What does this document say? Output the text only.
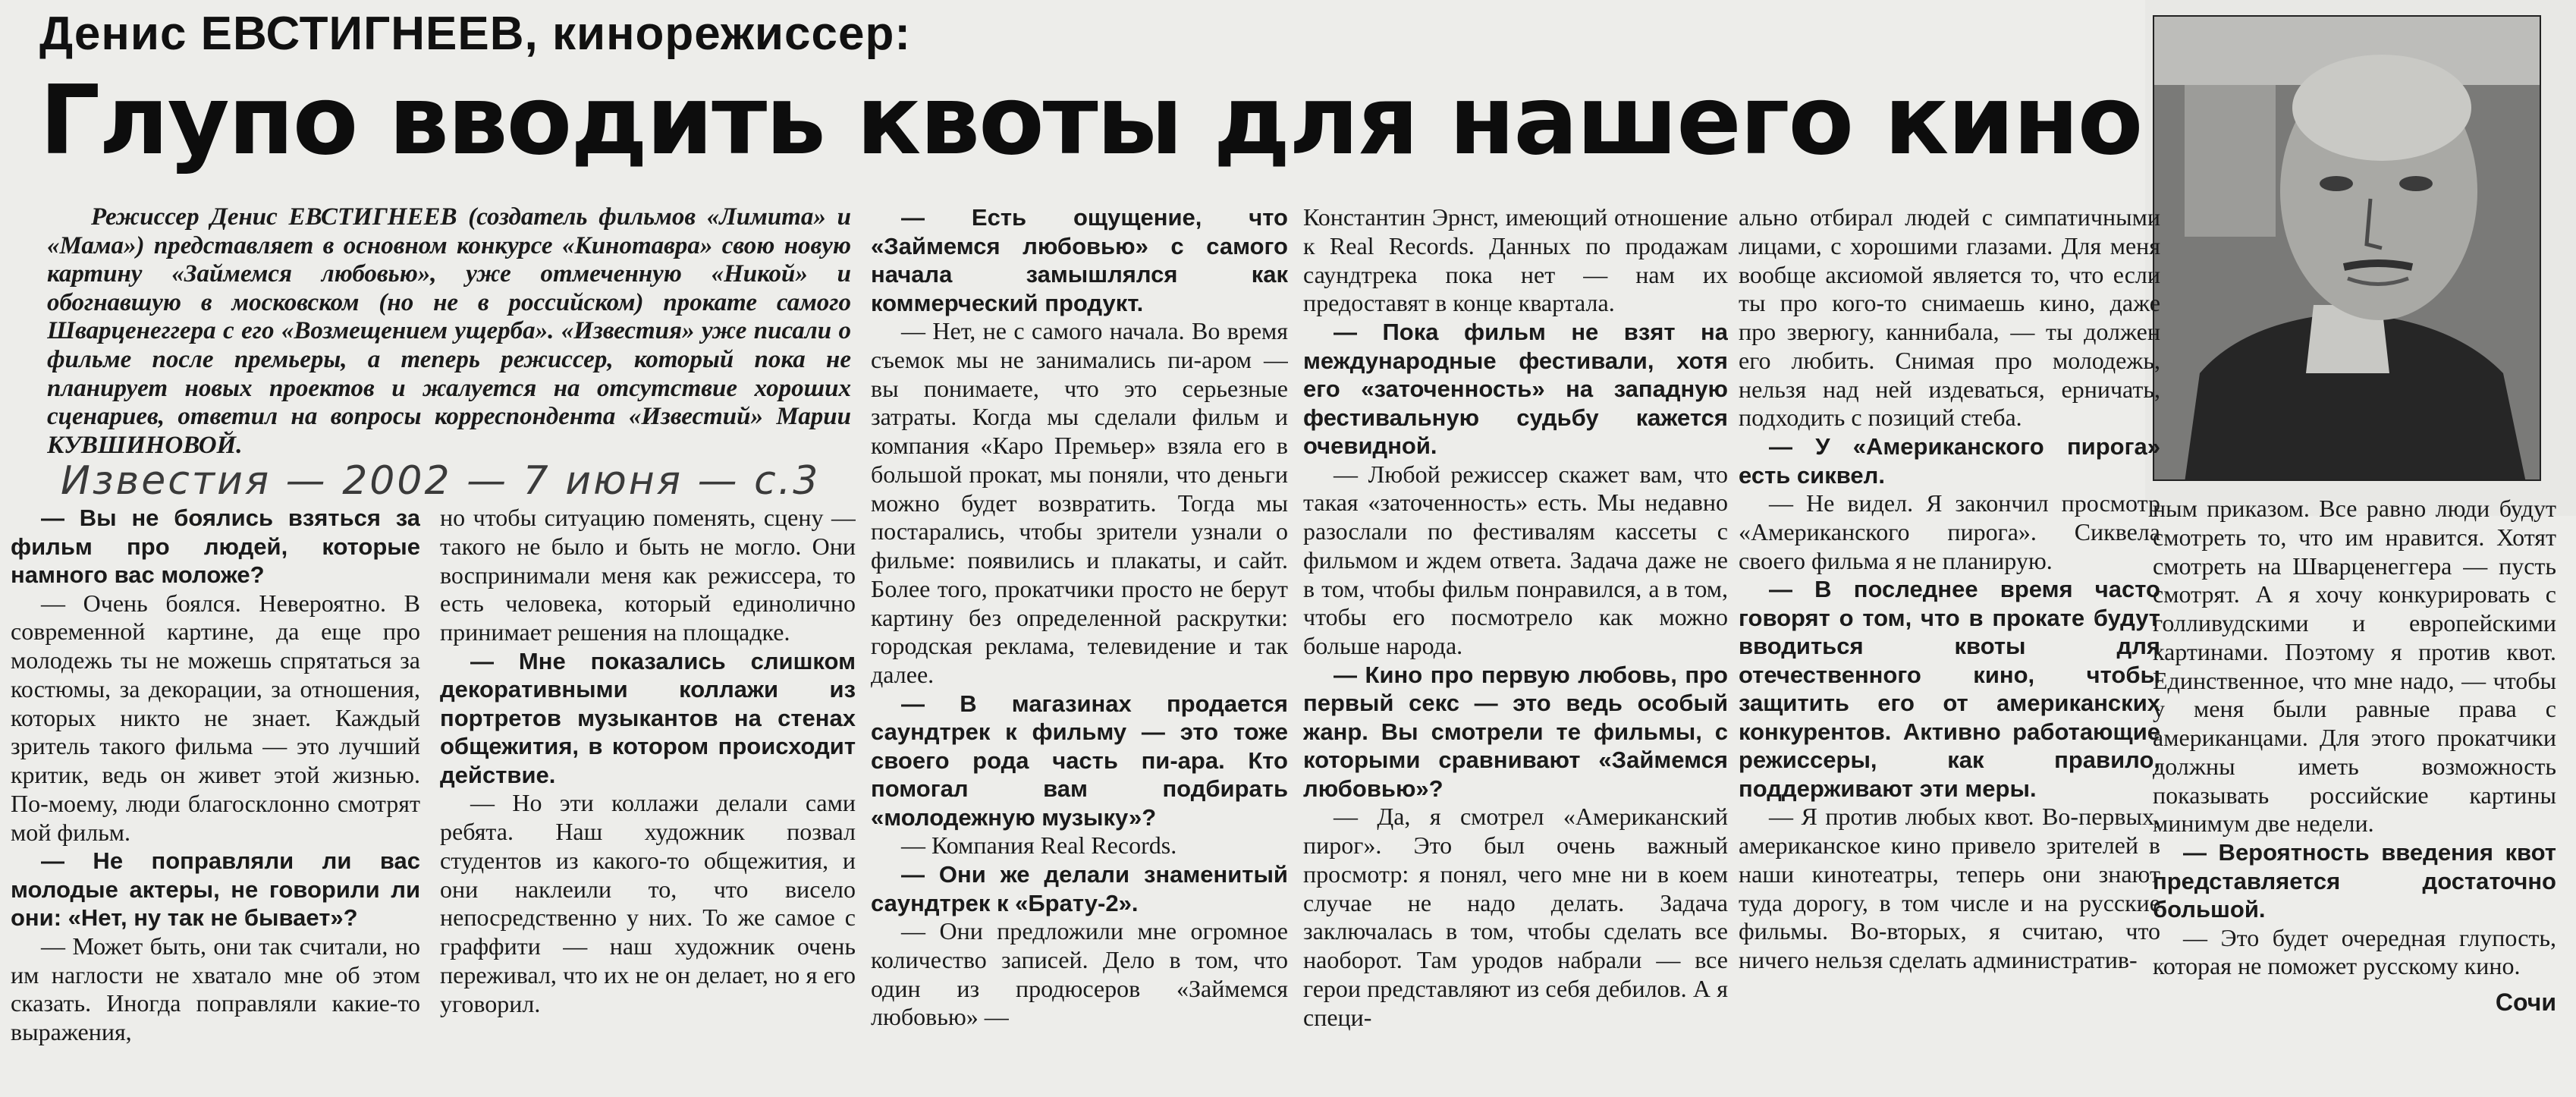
Денис ЕВСТИГНЕЕВ, кинорежиссер:
Глупо вводить квоты для нашего кино

Режиссер Денис ЕВСТИГНЕЕВ (создатель фильмов «Лимита» и «Мама») представляет в основном конкурсе «Кинотавра» свою новую картину «Займемся любовью», уже отмеченную «Никой» и обогнавшую в московском (но не в российском) прокате самого Шварценеггера с его «Возмещением ущерба». «Известия» уже писали о фильме после премьеры, а теперь режиссер, который пока не планирует новых проектов и жалуется на отсутствие хороших сценариев, ответил на вопросы корреспондента «Известий» Марии КУВШИНОВОЙ.

Известия — 2002 — 7 июня — с.3

— Вы не боялись взяться за фильм про людей, которые намного вас моложе?

— Очень боялся. Невероятно. В современной картине, да еще про молодежь ты не можешь спрятаться за костюмы, за декорации, за отношения, которых никто не знает. Каждый зритель такого фильма — это лучший критик, ведь он живет этой жизнью. По-моему, люди благосклонно смотрят мой фильм.

— Не поправляли ли вас молодые актеры, не говорили ли они: «Нет, ну так не бывает»?

— Может быть, они так считали, но им наглости не хватало мне об этом сказать. Иногда поправляли какие-то выражения,

но чтобы ситуацию поменять, сцену — такого не было и быть не могло. Они воспринимали меня как режиссера, то есть человека, который единолично принимает решения на площадке.

— Мне показались слишком декоративными коллажи из портретов музыкантов на стенах общежития, в котором происходит действие.

— Но эти коллажи делали сами ребята. Наш художник позвал студентов из какого-то общежития, и они наклеили то, что висело непосредственно у них. То же самое с граффити — наш художник очень переживал, что их не он делает, но я его уговорил.

— Есть ощущение, что «Займемся любовью» с самого начала замышлялся как коммерческий продукт.

— Нет, не с самого начала. Во время съемок мы не занимались пи-аром — вы понимаете, что это серьезные затраты. Когда мы сделали фильм и компания «Каро Премьер» взяла его в большой прокат, мы поняли, что деньги можно будет возвратить. Тогда мы постарались, чтобы зрители узнали о фильме: появились и плакаты, и сайт. Более того, прокатчики просто не берут картину без определенной раскрутки: городская реклама, телевидение и так далее.

— В магазинах продается саундтрек к фильму — это тоже своего рода часть пи-ара. Кто помогал вам подбирать «молодежную музыку»?

— Компания Real Records.

— Они же делали знаменитый саундтрек к «Брату-2».

— Они предложили мне огромное количество записей. Дело в том, что один из продюсеров «Займемся любовью» —

Константин Эрнст, имеющий отношение к Real Records. Данных по продажам саундтрека пока нет — нам их предоставят в конце квартала.

— Пока фильм не взят на международные фестивали, хотя его «заточенность» на западную фестивальную судьбу кажется очевидной.

— Любой режиссер скажет вам, что такая «заточенность» есть. Мы недавно разослали по фестивалям кассеты с фильмом и ждем ответа. Задача даже не в том, чтобы фильм понравился, а в том, чтобы его посмотрело как можно больше народа.

— Кино про первую любовь, про первый секс — это ведь особый жанр. Вы смотрели те фильмы, с которыми сравнивают «Займемся любовью»?

— Да, я смотрел «Американский пирог». Это был очень важный просмотр: я понял, чего мне ни в коем случае не надо делать. Задача заключалась в том, чтобы сделать все наоборот. Там уродов набрали — все герои представляют из себя дебилов. А я специ-

ально отбирал людей с симпатичными лицами, с хорошими глазами. Для меня вообще аксиомой является то, что если ты про кого-то снимаешь кино, даже про зверюгу, каннибала, — ты должен его любить. Снимая про молодежь, нельзя над ней издеваться, ерничать, подходить с позиций стеба.

— У «Американского пирога» есть сиквел.

— Не видел. Я закончил просмотр «Американского пирога». Сиквела своего фильма я не планирую.

— В последнее время часто говорят о том, что в прокате будут вводиться квоты для отечественного кино, чтобы защитить его от американских конкурентов. Активно работающие режиссеры, как правило, поддерживают эти меры.

— Я против любых квот. Во-первых, американское кино привело зрителей в наши кинотеатры, теперь они знают туда дорогу, в том числе и на русские фильмы. Во-вторых, я считаю, что ничего нельзя сделать административ-

ным приказом. Все равно люди будут смотреть то, что им нравится. Хотят смотреть на Шварценеггера — пусть смотрят. А я хочу конкурировать с голливудскими и европейскими картинами. Поэтому я против квот. Единственное, что мне надо, — чтобы у меня были равные права с американцами. Для этого прокатчики должны иметь возможность показывать российские картины минимум две недели.

— Вероятность введения квот представляется достаточно большой.

— Это будет очередная глупость, которая не поможет русскому кино.

Сочи
